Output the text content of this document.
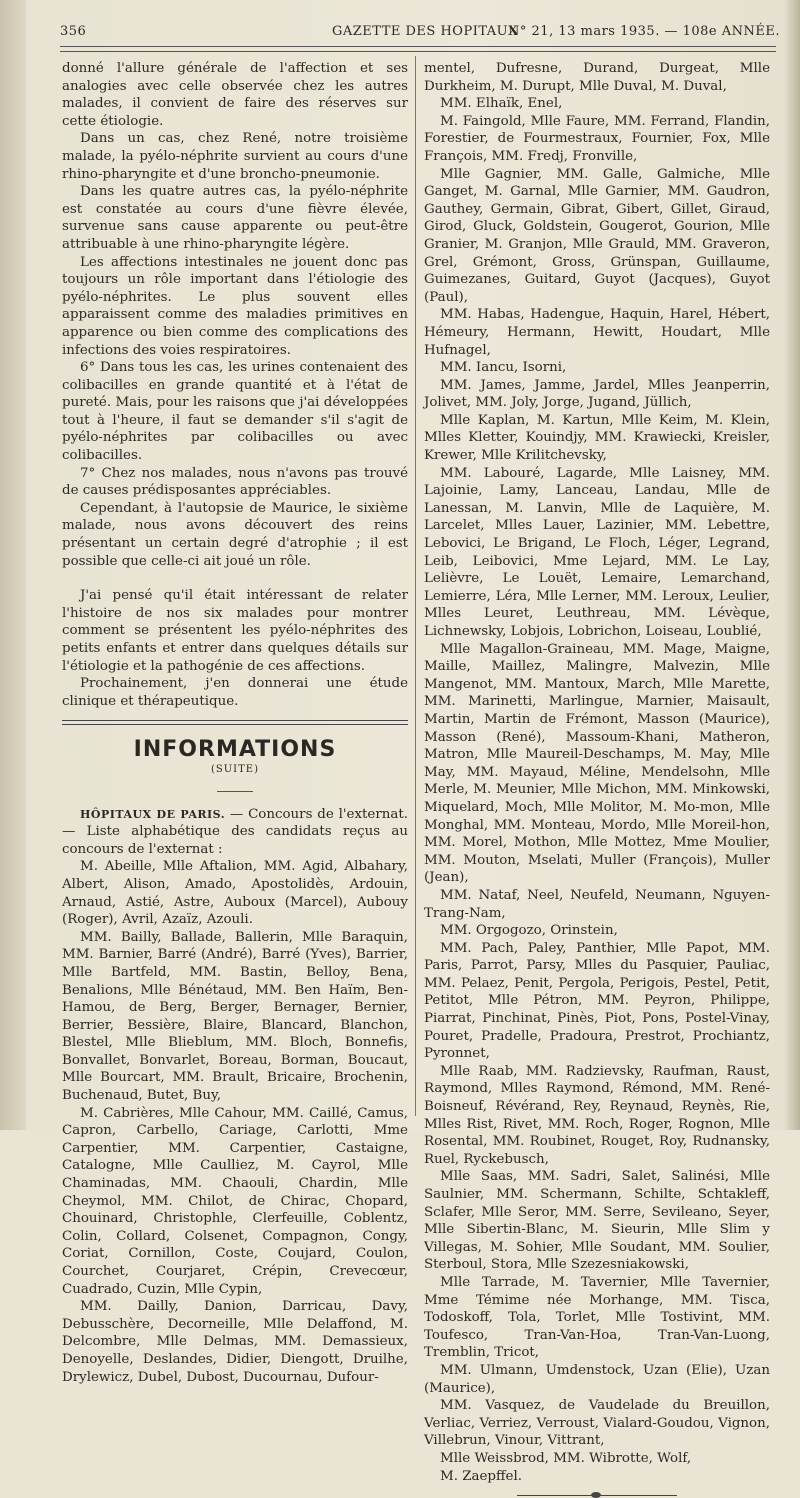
356	GAZETTE DES HOPITAUX
N° 21, 13 mars 1935. — 108e ANNÉE.

donné l'allure générale de l'affection et ses analogies avec celle observée chez les autres malades, il convient de faire des réserves sur cette étiologie.

Dans un cas, chez René, notre troisième malade, la pyélo-néphrite survient au cours d'une rhino-pharyngite et d'une broncho-pneumonie.

Dans les quatre autres cas, la pyélo-néphrite est constatée au cours d'une fièvre élevée, survenue sans cause apparente ou peut-être attribuable à une rhino-pharyngite légère.

Les affections intestinales ne jouent donc pas toujours un rôle important dans l'étiologie des pyélo-néphrites. Le plus souvent elles apparaissent comme des maladies primitives en apparence ou bien comme des complications des infections des voies respiratoires.

6° Dans tous les cas, les urines contenaient des colibacilles en grande quantité et à l'état de pureté. Mais, pour les raisons que j'ai développées tout à l'heure, il faut se demander s'il s'agit de pyélo-néphrites par colibacilles ou avec colibacilles.

7° Chez nos malades, nous n'avons pas trouvé de causes prédisposantes appréciables.

Cependant, à l'autopsie de Maurice, le sixième malade, nous avons découvert des reins présentant un certain degré d'atrophie ; il est possible que celle-ci ait joué un rôle.

J'ai pensé qu'il était intéressant de relater l'histoire de nos six malades pour montrer comment se présentent les pyélo-néphrites des petits enfants et entrer dans quelques détails sur l'étiologie et la pathogénie de ces affections.

Prochainement, j'en donnerai une étude clinique et thérapeutique.

INFORMATIONS
(SUITE)

HÔPITAUX DE PARIS. — Concours de l'externat. — Liste alphabétique des candidats reçus au concours de l'externat :

M. Abeille, Mlle Aftalion, MM. Agid, Albahary, Albert, Alison, Amado, Apostolidès, Ardouin, Arnaud, Astié, Astre, Auboux (Marcel), Aubouy (Roger), Avril, Azaïz, Azouli.

MM. Bailly, Ballade, Ballerin, Mlle Baraquin, MM. Barnier, Barré (André), Barré (Yves), Barrier, Mlle Bartfeld, MM. Bastin, Belloy, Bena, Benalions, Mlle Bénétaud, MM. Ben Haïm, Ben-Hamou, de Berg, Berger, Bernager, Bernier, Berrier, Bessière, Blaire, Blancard, Blanchon, Blestel, Mlle Blieblum, MM. Bloch, Bonnefis, Bonvallet, Bonvarlet, Boreau, Borman, Boucaut, Mlle Bourcart, MM. Brault, Bricaire, Brochenin, Buchenaud, Butet, Buy,

M. Cabrières, Mlle Cahour, MM. Caillé, Camus, Capron, Carbello, Cariage, Carlotti, Mme Carpentier, MM. Carpentier, Castaigne, Catalogne, Mlle Caulliez, M. Cayrol, Mlle Chaminadas, MM. Chaouli, Chardin, Mlle Cheymol, MM. Chilot, de Chirac, Chopard, Chouinard, Christophle, Clerfeuille, Coblentz, Colin, Collard, Colsenet, Compagnon, Congy, Coriat, Cornillon, Coste, Coujard, Coulon, Courchet, Courjaret, Crépin, Crevecœur, Cuadrado, Cuzin, Mlle Cypin,

MM. Dailly, Danion, Darricau, Davy, Debusschère, Decorneille, Mlle Delaffond, M. Delcombre, Mlle Delmas, MM. Demassieux, Denoyelle, Deslandes, Didier, Diengott, Druilhe, Drylewicz, Dubel, Dubost, Ducournau, Dufour-

mentel, Dufresne, Durand, Durgeat, Mlle Durkheim, M. Durupt, Mlle Duval, M. Duval,

MM. Elhaïk, Enel,

M. Faingold, Mlle Faure, MM. Ferrand, Flandin, Forestier, de Fourmestraux, Fournier, Fox, Mlle François, MM. Fredj, Fronville,

Mlle Gagnier, MM. Galle, Galmiche, Mlle Ganget, M. Garnal, Mlle Garnier, MM. Gaudron, Gauthey, Germain, Gibrat, Gibert, Gillet, Giraud, Girod, Gluck, Goldstein, Gougerot, Gourion, Mlle Granier, M. Granjon, Mlle Grauld, MM. Graveron, Grel, Grémont, Gross, Grünspan, Guillaume, Guimezanes, Guitard, Guyot (Jacques), Guyot (Paul),

MM. Habas, Hadengue, Haquin, Harel, Hébert, Hémeury, Hermann, Hewitt, Houdart, Mlle Hufnagel,

MM. Iancu, Isorni,

MM. James, Jamme, Jardel, Mlles Jeanperrin, Jolivet, MM. Joly, Jorge, Jugand, Jüllich,

Mlle Kaplan, M. Kartun, Mlle Keim, M. Klein, Mlles Kletter, Kouindjy, MM. Krawiecki, Kreisler, Krewer, Mlle Krilitchevsky,

MM. Labouré, Lagarde, Mlle Laisney, MM. Lajoinie, Lamy, Lanceau, Landau, Mlle de Lanessan, M. Lanvin, Mlle de Laquière, M. Larcelet, Mlles Lauer, Lazinier, MM. Lebettre, Lebovici, Le Brigand, Le Floch, Léger, Legrand, Leib, Leibovici, Mme Lejard, MM. Le Lay, Lelièvre, Le Louët, Lemaire, Lemarchand, Lemierre, Léra, Mlle Lerner, MM. Leroux, Leulier, Mlles Leuret, Leuthreau, MM. Lévèque, Lichnewsky, Lobjois, Lobrichon, Loiseau, Loublié,

Mlle Magallon-Graineau, MM. Mage, Maigne, Maille, Maillez, Malingre, Malvezin, Mlle Mangenot, MM. Mantoux, March, Mlle Marette, MM. Marinetti, Marlingue, Marnier, Maisault, Martin, Martin de Frémont, Masson (Maurice), Masson (René), Massoum-Khani, Matheron, Matron, Mlle Maureil-Deschamps, M. May, Mlle May, MM. Mayaud, Méline, Mendelsohn, Mlle Merle, M. Meunier, Mlle Michon, MM. Minkowski, Miquelard, Moch, Mlle Molitor, M. Mo-mon, Mlle Monghal, MM. Monteau, Mordo, Mlle Moreil-hon, MM. Morel, Mothon, Mlle Mottez, Mme Moulier, MM. Mouton, Mselati, Muller (François), Muller (Jean),

MM. Nataf, Neel, Neufeld, Neumann, Nguyen-Trang-Nam,

MM. Orgogozo, Orinstein,

MM. Pach, Paley, Panthier, Mlle Papot, MM. Paris, Parrot, Parsy, Mlles du Pasquier, Pauliac, MM. Pelaez, Penit, Pergola, Perigois, Pestel, Petit, Petitot, Mlle Pétron, MM. Peyron, Philippe, Piarrat, Pinchinat, Pinès, Piot, Pons, Postel-Vinay, Pouret, Pradelle, Pradoura, Prestrot, Prochiantz, Pyronnet,

Mlle Raab, MM. Radzievsky, Raufman, Raust, Raymond, Mlles Raymond, Rémond, MM. René-Boisneuf, Révérand, Rey, Reynaud, Reynès, Rie, Mlles Rist, Rivet, MM. Roch, Roger, Rognon, Mlle Rosental, MM. Roubinet, Rouget, Roy, Rudnansky, Ruel, Ryckebusch,

Mlle Saas, MM. Sadri, Salet, Salinési, Mlle Saulnier, MM. Schermann, Schilte, Schtakleff, Sclafer, Mlle Seror, MM. Serre, Sevileano, Seyer, Mlle Sibertin-Blanc, M. Sieurin, Mlle Slim y Villegas, M. Sohier, Mlle Soudant, MM. Soulier, Sterboul, Stora, Mlle Szezesniakowski,

Mlle Tarrade, M. Tavernier, Mlle Tavernier, Mme Témime née Morhange, MM. Tisca, Todoskoff, Tola, Torlet, Mlle Tostivint, MM. Toufesco, Tran-Van-Hoa, Tran-Van-Luong, Tremblin, Tricot,

MM. Ulmann, Umdenstock, Uzan (Elie), Uzan (Maurice),

MM. Vasquez, de Vaudelade du Breuillon, Verliac, Verriez, Verroust, Vialard-Goudou, Vignon, Villebrun, Vinour, Vittrant,

Mlle Weissbrod, MM. Wibrotte, Wolf,

M. Zaepffel.
